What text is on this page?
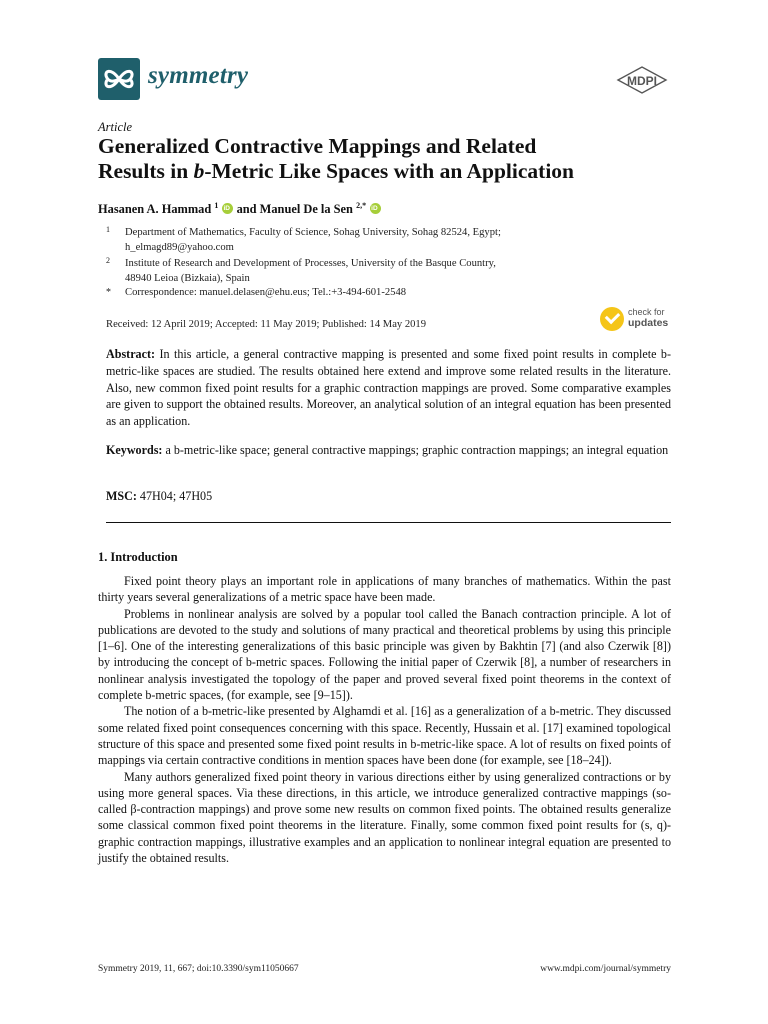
symmetry	MDPI
Article
Generalized Contractive Mappings and Related
Results in b-Metric Like Spaces with an Application
Hasanen A. Hammad $^1$ iD and Manuel De la Sen $^{2,*}$ iD
1 Department of Mathematics, Faculty of Science, Sohag University, Sohag 82524, Egypt;
h_elmagd89@yahoo.com
2 Institute of Research and Development of Processes, University of the Basque Country,
48940 Leioa (Bizkaia), Spain
* Correspondence: manuel.delasen@ehu.eus; Tel.:+3-494-601-2548
Received: 12 April 2019; Accepted: 11 May 2019; Published: 14 May 2019
check for
updates
Abstract: In this article, a general contractive mapping is presented and some fixed point results in complete b-metric-like spaces are studied. The results obtained here extend and improve some related results in the literature. Also, new common fixed point results for a graphic contraction mappings are proved. Some comparative examples are given to support the obtained results. Moreover, an analytical solution of an integral equation has been presented as an application.
Keywords: a b-metric-like space; general contractive mappings; graphic contraction mappings; an integral equation
MSC: 47H04; 47H05
1. Introduction

Fixed point theory plays an important role in applications of many branches of mathematics. Within the past thirty years several generalizations of a metric space have been made.

Problems in nonlinear analysis are solved by a popular tool called the Banach contraction principle. A lot of publications are devoted to the study and solutions of many practical and theoretical problems by using this principle [1–6]. One of the interesting generalizations of this basic principle was given by Bakhtin [7] (and also Czerwik [8]) by introducing the concept of b-metric spaces. Following the initial paper of Czerwik [8], a number of researchers in nonlinear analysis investigated the topology of the paper and proved several fixed point theorems in the context of complete b-metric spaces, (for example, see [9–15]).

The notion of a b-metric-like presented by Alghamdi et al. [16] as a generalization of a b-metric. They discussed some related fixed point consequences concerning with this space. Recently, Hussain et al. [17] examined topological structure of this space and presented some fixed point results in b-metric-like space. A lot of results on fixed points of mappings via certain contractive conditions in mention spaces have been done (for example, see [18–24]).

Many authors generalized fixed point theory in various directions either by using generalized contractions or by using more general spaces. Via these directions, in this article, we introduce generalized contractive mappings (so-called β-contraction mappings) and prove some new results on common fixed points. The obtained results generalize some classical common fixed point theorems in the literature. Finally, some common fixed point results for (s, q)-graphic contraction mappings, illustrative examples and an application to nonlinear integral equation are presented to justify the obtained results.

Symmetry 2019, 11, 667; doi:10.3390/sym11050667	www.mdpi.com/journal/symmetry
